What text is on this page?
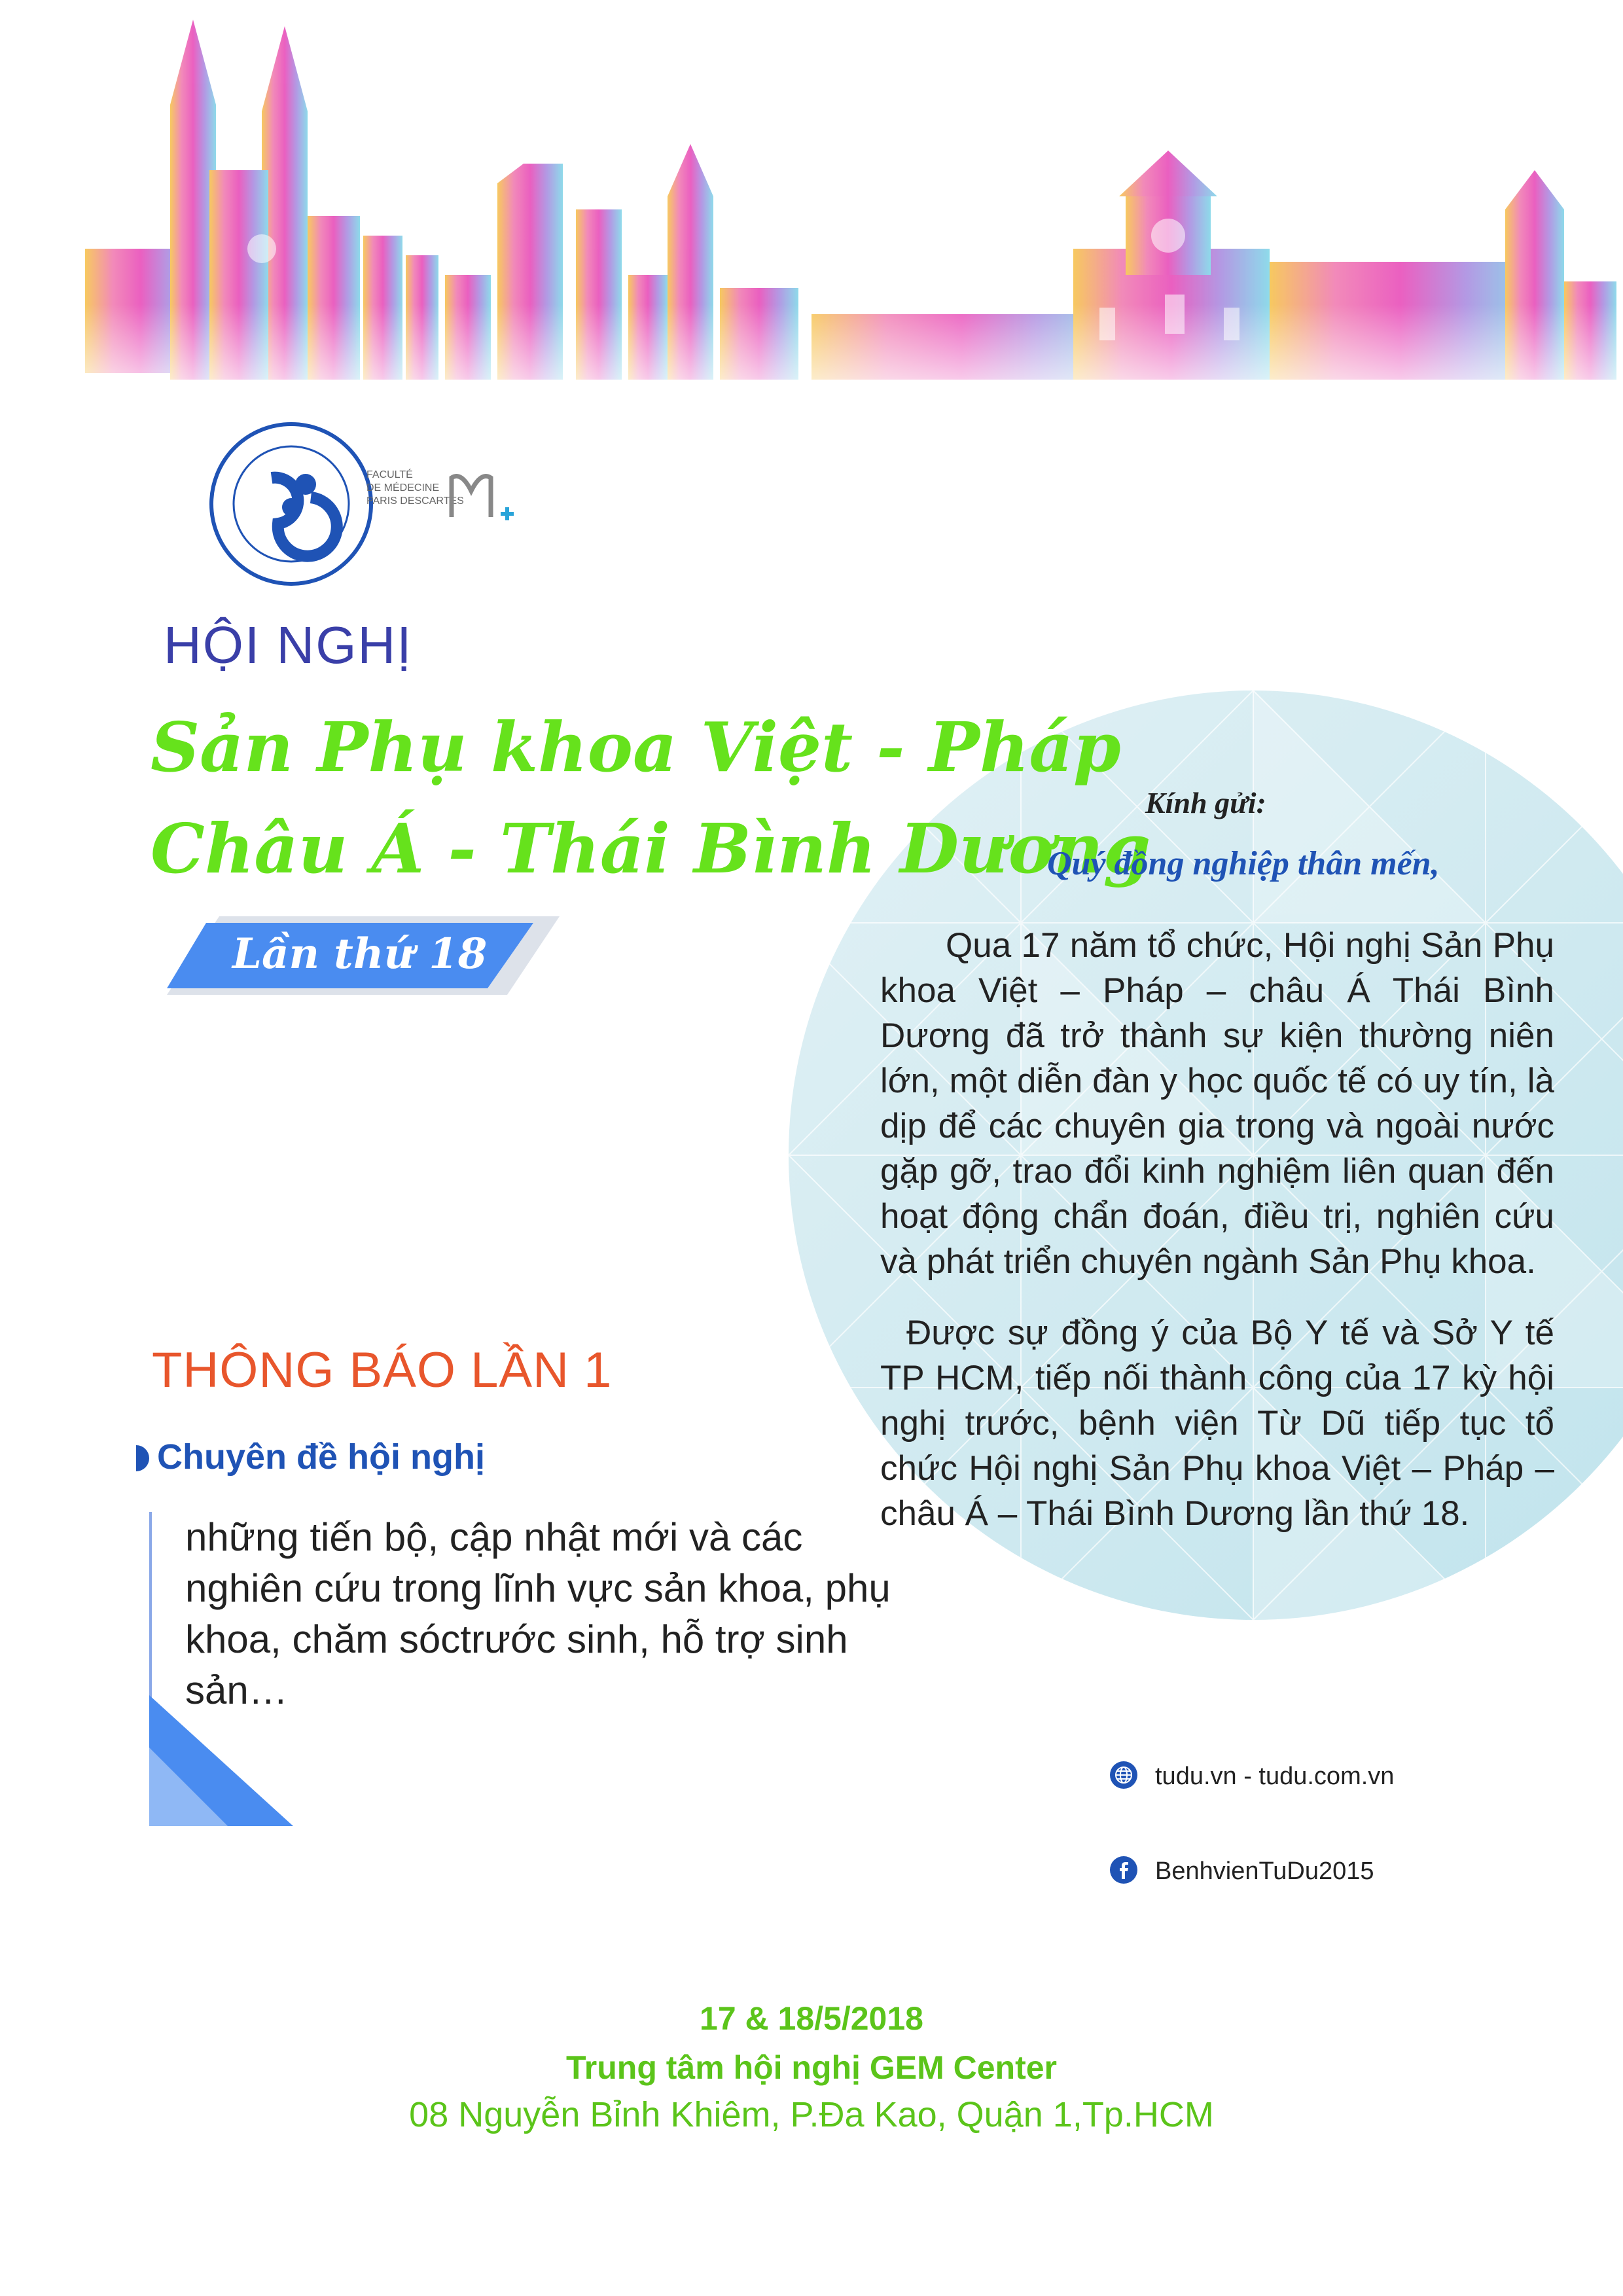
FACULTÉ
DE MÉDECINE
PARIS DESCARTES
HỘI NGHỊ
Sản Phụ khoa Việt - Pháp
Châu Á - Thái Bình Dương
Lần thứ 18
THÔNG BÁO LẦN 1
Chuyên đề hội nghị
những tiến bộ, cập nhật mới và các nghiên cứu trong lĩnh vực sản khoa, phụ khoa, chăm sóctrước sinh, hỗ trợ sinh sản…
Kính gửi:
Quý đồng nghiệp thân mến,
Qua 17 năm tổ chức, Hội nghị Sản Phụ khoa Việt – Pháp – châu Á Thái Bình Dương đã trở thành sự kiện thường niên lớn, một diễn đàn y học quốc tế có uy tín, là dịp để các chuyên gia trong và ngoài nước gặp gỡ, trao đổi kinh nghiệm liên quan đến hoạt động chẩn đoán, điều trị, nghiên cứu và phát triển chuyên ngành Sản Phụ khoa.
Được sự đồng ý của Bộ Y tế và Sở Y tế TP HCM, tiếp nối thành công của 17 kỳ hội nghị trước, bệnh viện Từ Dũ tiếp tục tổ chức Hội nghị Sản Phụ khoa Việt – Pháp – châu Á – Thái Bình Dương lần thứ 18.
tudu.vn - tudu.com.vn
BenhvienTuDu2015
17 & 18/5/2018
Trung tâm hội nghị GEM Center
08 Nguyễn Bỉnh Khiêm, P.Đa Kao, Quận 1,Tp.HCM
